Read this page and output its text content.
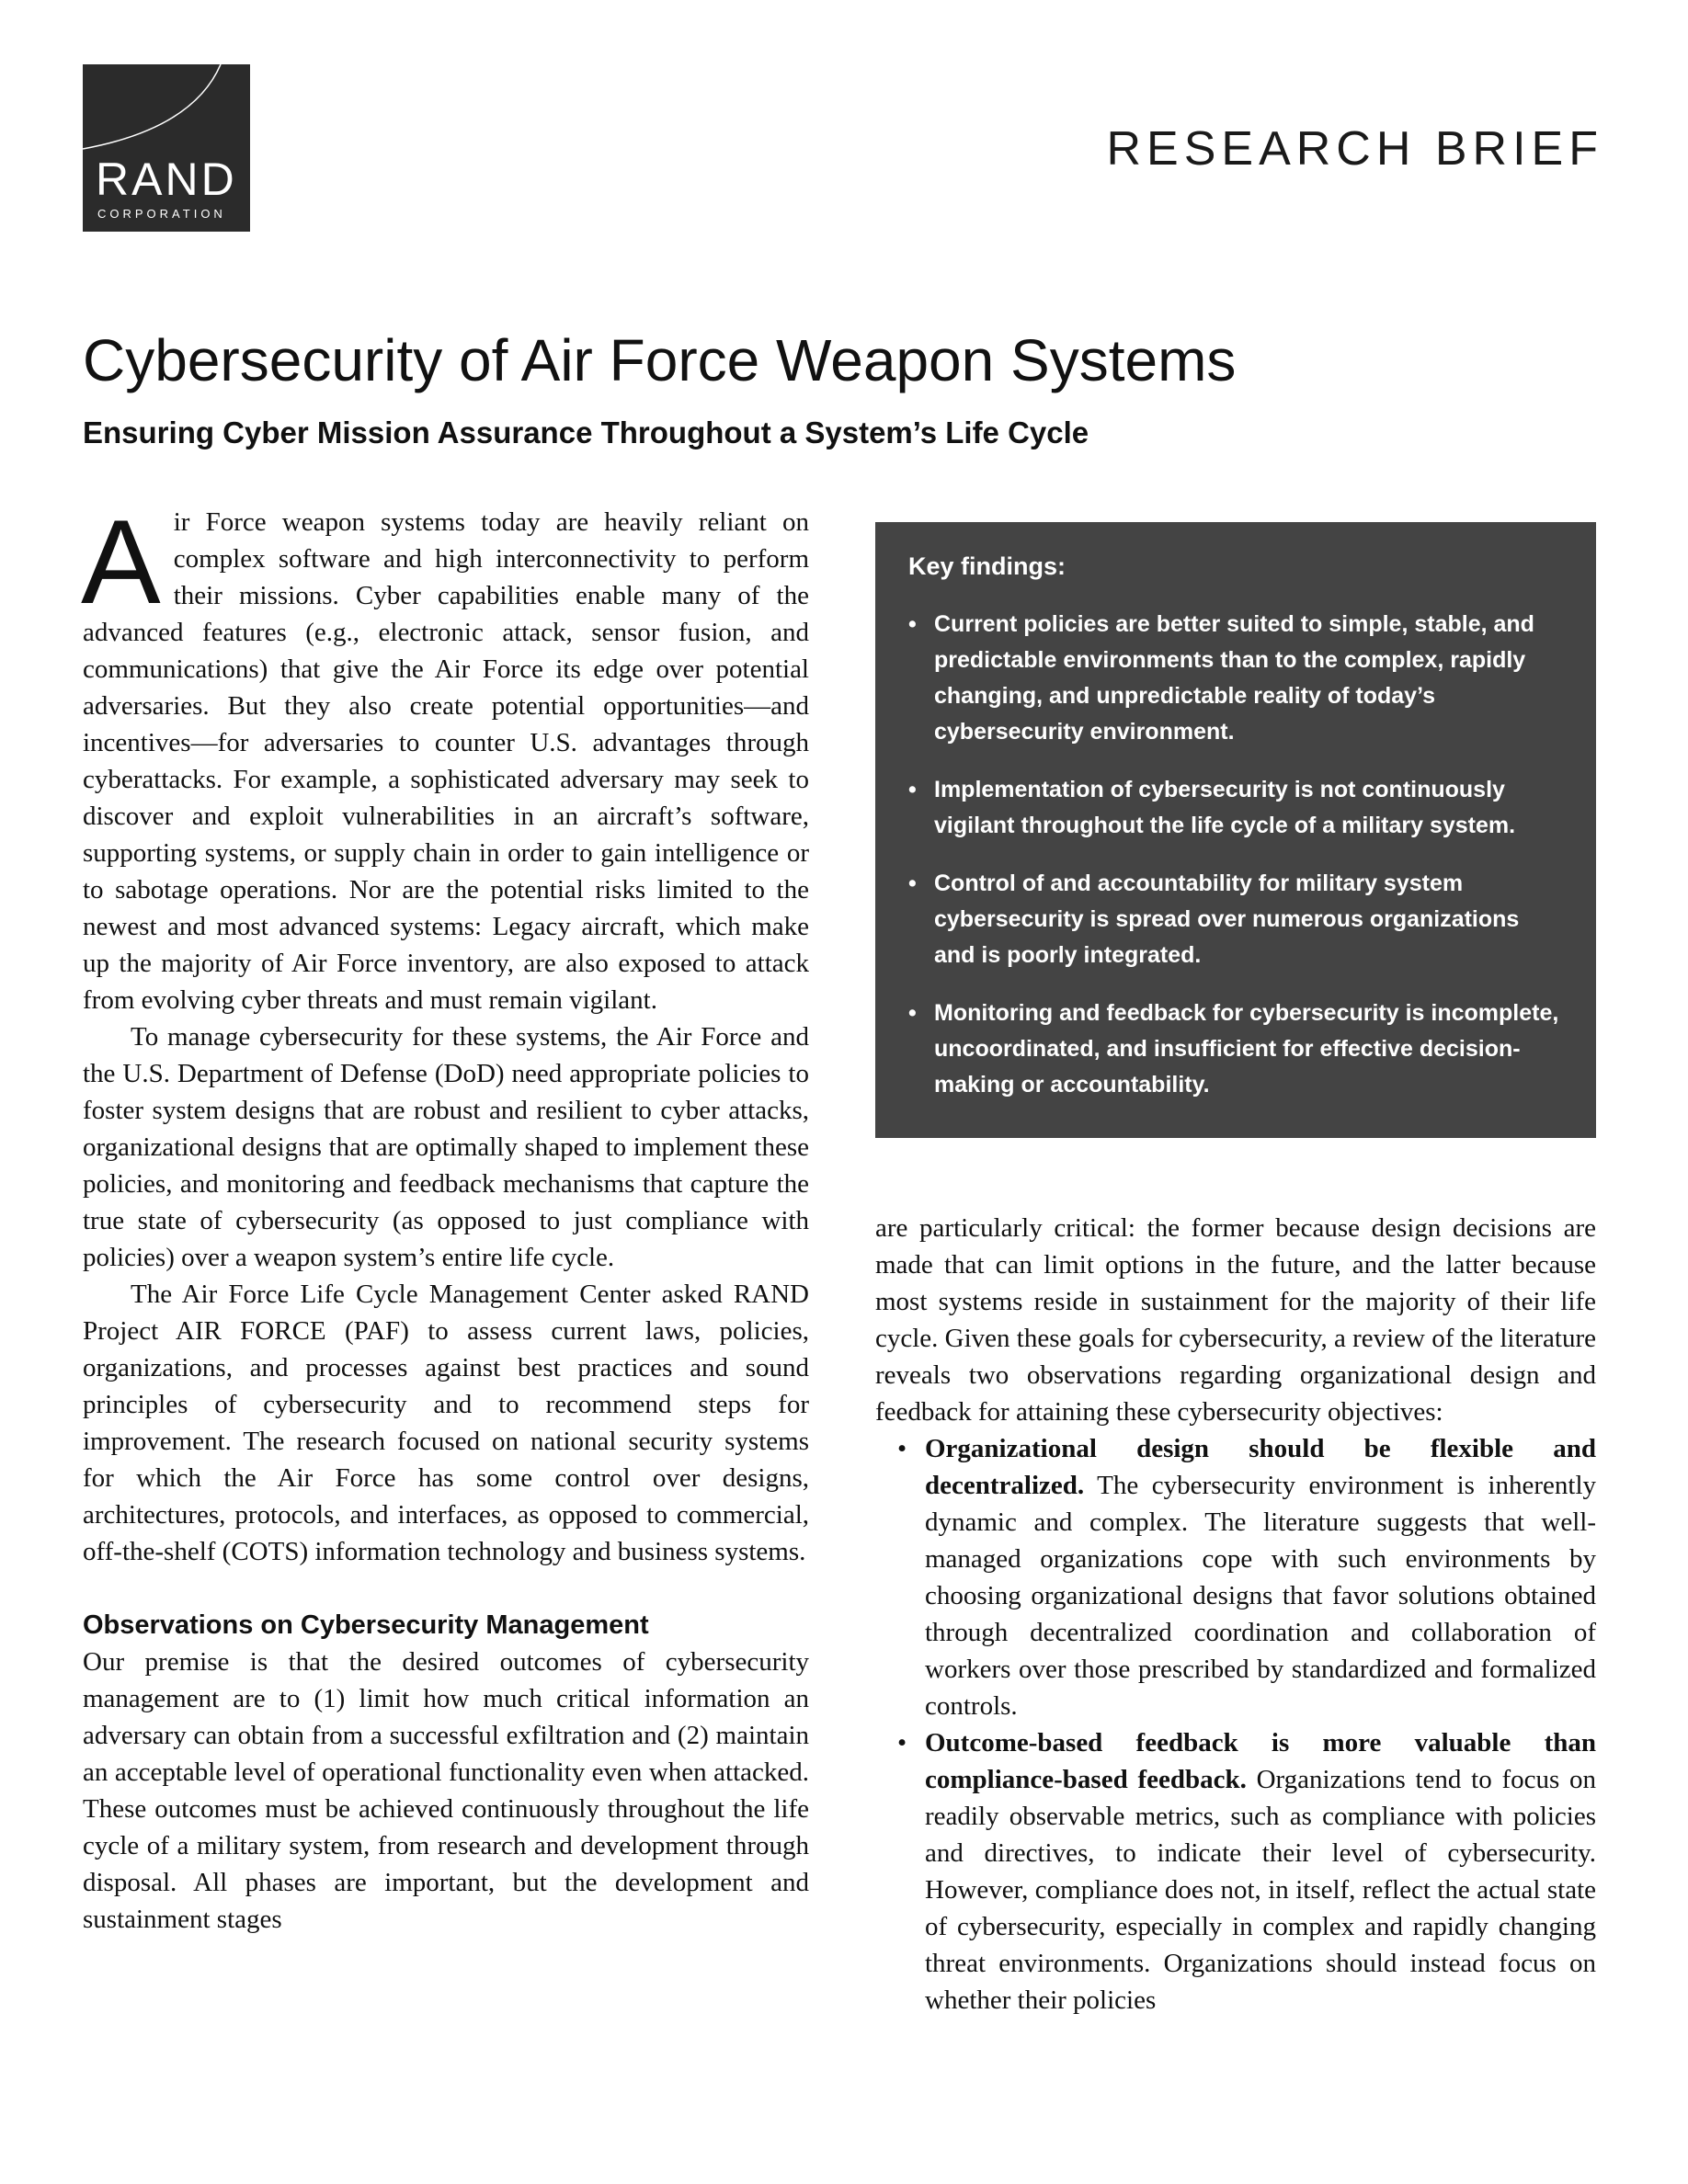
RAND
CORPORATION
RESEARCH BRIEF
Cybersecurity of Air Force Weapon Systems
Ensuring Cyber Mission Assurance Throughout a System’s Life Cycle

Air Force weapon systems today are heavily reliant on complex software and high interconnectivity to perform their missions. Cyber capabilities enable many of the advanced features (e.g., electronic attack, sensor fusion, and communications) that give the Air Force its edge over potential adversaries. But they also create potential opportunities—and incentives—for adversaries to counter U.S. advantages through cyberattacks. For example, a sophisticated adversary may seek to discover and exploit vulnerabilities in an aircraft’s software, supporting systems, or supply chain in order to gain intelligence or to sabotage operations. Nor are the potential risks limited to the newest and most advanced systems: Legacy aircraft, which make up the majority of Air Force inventory, are also exposed to attack from evolving cyber threats and must remain vigilant.

To manage cybersecurity for these systems, the Air Force and the U.S. Department of Defense (DoD) need appropriate policies to foster system designs that are robust and resilient to cyber attacks, organizational designs that are optimally shaped to implement these policies, and monitoring and feedback mechanisms that capture the true state of cybersecurity (as opposed to just compliance with policies) over a weapon system’s entire life cycle.

The Air Force Life Cycle Management Center asked RAND Project AIR FORCE (PAF) to assess current laws, policies, organizations, and processes against best practices and sound principles of cybersecurity and to recommend steps for improvement. The research focused on national security systems for which the Air Force has some control over designs, architectures, protocols, and interfaces, as opposed to commercial, off-the-shelf (COTS) information technology and business systems.

Observations on Cybersecurity Management

Our premise is that the desired outcomes of cybersecurity management are to (1) limit how much critical information an adversary can obtain from a successful exfiltration and (2) maintain an acceptable level of operational functionality even when attacked. These outcomes must be achieved continuously throughout the life cycle of a military system, from research and development through disposal. All phases are important, but the development and sustainment stages

Key findings:
• Current policies are better suited to simple, stable, and predictable environments than to the complex, rapidly changing, and unpredictable reality of today’s cybersecurity environment.
• Implementation of cybersecurity is not continuously vigilant throughout the life cycle of a military system.
• Control of and accountability for military system cybersecurity is spread over numerous organizations and is poorly integrated.
• Monitoring and feedback for cybersecurity is incomplete, uncoordinated, and insufficient for effective decision-making or accountability.

are particularly critical: the former because design decisions are made that can limit options in the future, and the latter because most systems reside in sustainment for the majority of their life cycle. Given these goals for cybersecurity, a review of the literature reveals two observations regarding organizational design and feedback for attaining these cybersecurity objectives:

• Organizational design should be flexible and decentralized. The cybersecurity environment is inherently dynamic and complex. The literature suggests that well-managed organizations cope with such environments by choosing organizational designs that favor solutions obtained through decentralized coordination and collaboration of workers over those prescribed by standardized and formalized controls.
• Outcome-based feedback is more valuable than compliance-based feedback. Organizations tend to focus on readily observable metrics, such as compliance with policies and directives, to indicate their level of cybersecurity. However, compliance does not, in itself, reflect the actual state of cybersecurity, especially in complex and rapidly changing threat environments. Organizations should instead focus on whether their policies
